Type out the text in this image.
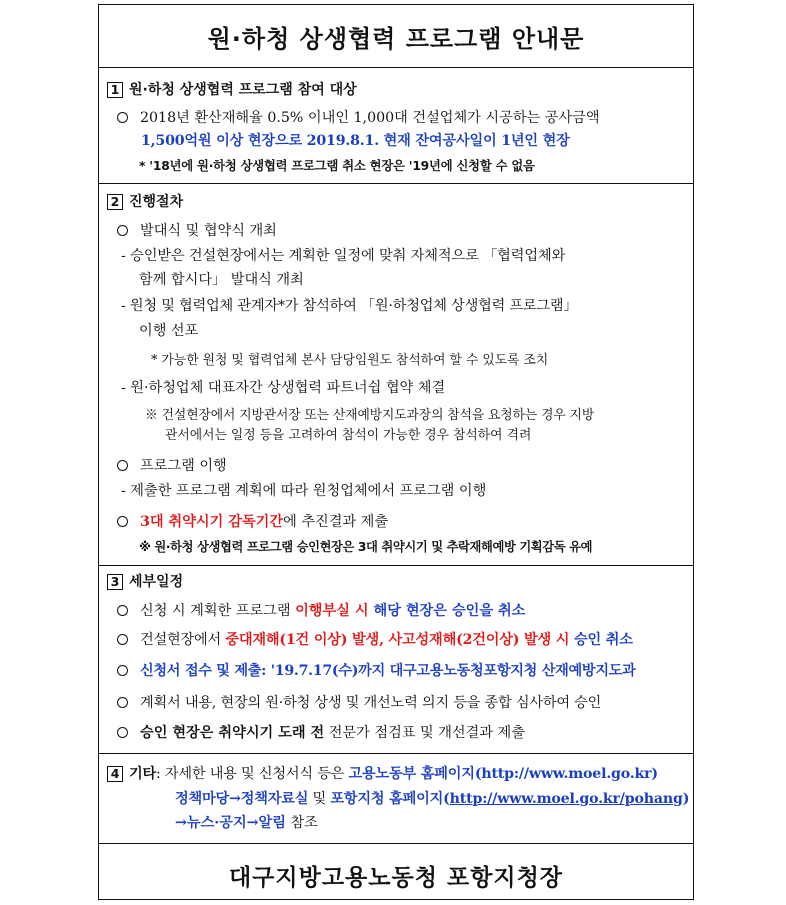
원·하청 상생협력 프로그램 안내문
1 원·하청 상생협력 프로그램 참여 대상
2018년 환산재해율 0.5% 이내인 1,000대 건설업체가 시공하는 공사금액
1,500억원 이상 현장으로 2019.8.1. 현재 잔여공사일이 1년인 현장
* '18년에 원·하청 상생협력 프로그램 취소 현장은 '19년에 신청할 수 없음
2 진행절차
발대식 및 협약식 개최
- 승인받은 건설현장에서는 계획한 일정에 맞춰 자체적으로 「협력업체와
함께 합시다」 발대식 개최
- 원청 및 협력업체 관계자*가 참석하여 「원·하청업체 상생협력 프로그램」
이행 선포
* 가능한 원청 및 협력업체 본사 담당임원도 참석하여 할 수 있도록 조치
- 원·하청업체 대표자간 상생협력 파트너쉽 협약 체결
※ 건설현장에서 지방관서장 또는 산재예방지도과장의 참석을 요청하는 경우 지방
관서에서는 일정 등을 고려하여 참석이 가능한 경우 참석하여 격려
프로그램 이행
- 제출한 프로그램 계획에 따라 원청업체에서 프로그램 이행
3대 취약시기 감독기간에 추진결과 제출
※ 원·하청 상생협력 프로그램 승인현장은 3대 취약시기 및 추락재해예방 기획감독 유예
3 세부일정
신청 시 계획한 프로그램 이행부실 시 해당 현장은 승인을 취소
건설현장에서 중대재해(1건 이상) 발생, 사고성재해(2건이상) 발생 시 승인 취소
신청서 접수 및 제출: '19.7.17(수)까지 대구고용노동청포항지청 산재예방지도과
계획서 내용, 현장의 원·하청 상생 및 개선노력 의지 등을 종합 심사하여 승인
승인 현장은 취약시기 도래 전 전문가 점검표 및 개선결과 제출
4 기타: 자세한 내용 및 신청서식 등은 고용노동부 홈페이지(http://www.moel.go.kr)
정책마당→정책자료실 및 포항지청 홈페이지(http://www.moel.go.kr/pohang)
→뉴스·공지→알림 참조
대구지방고용노동청 포항지청장
